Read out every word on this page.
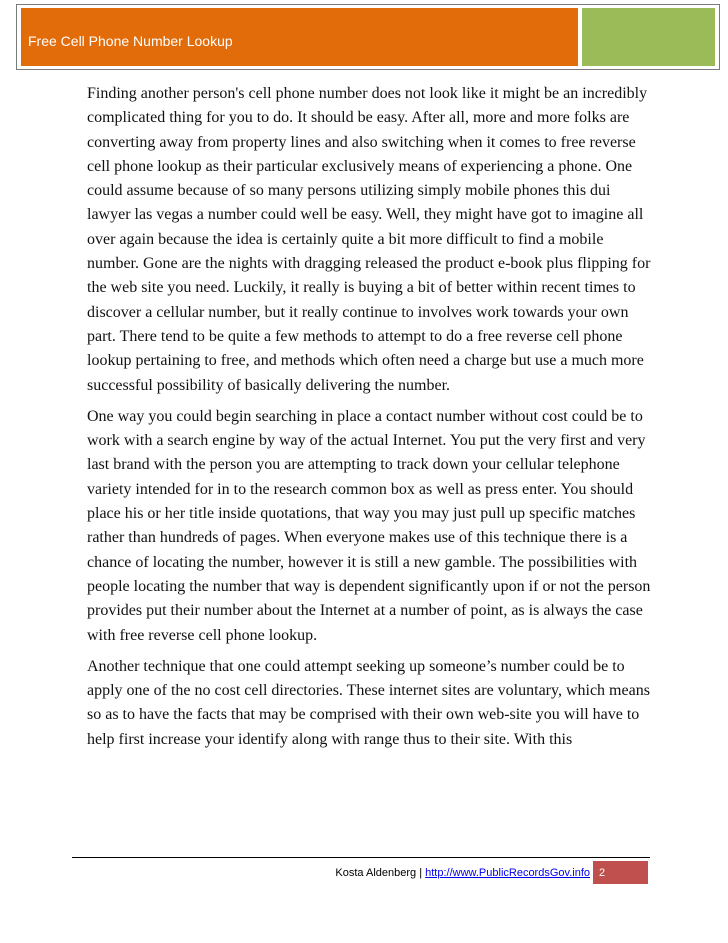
Free Cell Phone Number Lookup

Finding another person's cell phone number does not look like it might be an incredibly complicated thing for you to do. It should be easy. After all, more and more folks are converting away from property lines and also switching when it comes to free reverse cell phone lookup as their particular exclusively means of experiencing a phone. One could assume because of so many persons utilizing simply mobile phones this dui lawyer las vegas a number could well be easy. Well, they might have got to imagine all over again because the idea is certainly quite a bit more difficult to find a mobile number. Gone are the nights with dragging released the product e-book plus flipping for the web site you need. Luckily, it really is buying a bit of better within recent times to discover a cellular number, but it really continue to involves work towards your own part. There tend to be quite a few methods to attempt to do a free reverse cell phone lookup pertaining to free, and methods which often need a charge but use a much more successful possibility of basically delivering the number.

One way you could begin searching in place a contact number without cost could be to work with a search engine by way of the actual Internet. You put the very first and very last brand with the person you are attempting to track down your cellular telephone variety intended for in to the research common box as well as press enter. You should place his or her title inside quotations, that way you may just pull up specific matches rather than hundreds of pages. When everyone makes use of this technique there is a chance of locating the number, however it is still a new gamble. The possibilities with people locating the number that way is dependent significantly upon if or not the person provides put their number about the Internet at a number of point, as is always the case with free reverse cell phone lookup.

Another technique that one could attempt seeking up someone’s number could be to apply one of the no cost cell directories. These internet sites are voluntary, which means so as to have the facts that may be comprised with their own web-site you will have to help first increase your identify along with range thus to their site. With this

Kosta Aldenberg | http://www.PublicRecordsGov.info 2
